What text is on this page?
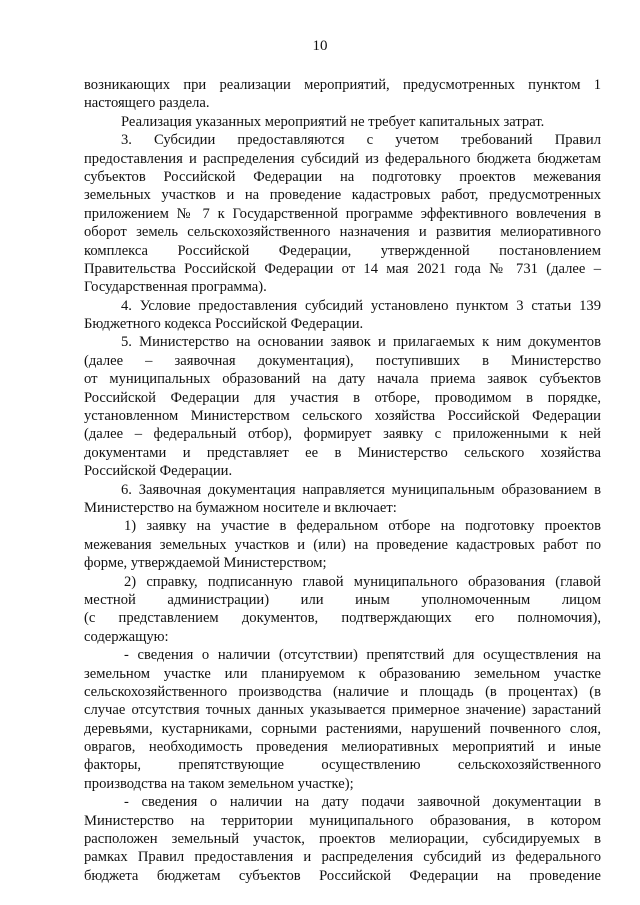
10
возникающих при реализации мероприятий, предусмотренных пунктом 1
настоящего раздела.
Реализация указанных мероприятий не требует капитальных затрат.
3. Субсидии предоставляются с учетом требований Правил
предоставления и распределения субсидий из федерального бюджета бюджетам
субъектов Российской Федерации на подготовку проектов межевания
земельных участков и на проведение кадастровых работ, предусмотренных
приложением № 7 к Государственной программе эффективного вовлечения в
оборот земель сельскохозяйственного назначения и развития мелиоративного
комплекса Российской Федерации, утвержденной постановлением
Правительства Российской Федерации от 14 мая 2021 года № 731 (далее –
Государственная программа).
4. Условие предоставления субсидий установлено пунктом 3 статьи 139
Бюджетного кодекса Российской Федерации.
5. Министерство на основании заявок и прилагаемых к ним документов
(далее – заявочная документация), поступивших в Министерство
от муниципальных образований на дату начала приема заявок субъектов
Российской Федерации для участия в отборе, проводимом в порядке,
установленном Министерством сельского хозяйства Российской Федерации
(далее – федеральный отбор), формирует заявку с приложенными к ней
документами и представляет ее в Министерство сельского хозяйства
Российской Федерации.
6. Заявочная документация направляется муниципальным образованием в
Министерство на бумажном носителе и включает:
1) заявку на участие в федеральном отборе на подготовку проектов
межевания земельных участков и (или) на проведение кадастровых работ по
форме, утверждаемой Министерством;
2) справку, подписанную главой муниципального образования (главой
местной администрации) или иным уполномоченным лицом
(с представлением документов, подтверждающих его полномочия),
содержащую:
- сведения о наличии (отсутствии) препятствий для осуществления на
земельном участке или планируемом к образованию земельном участке
сельскохозяйственного производства (наличие и площадь (в процентах) (в
случае отсутствия точных данных указывается примерное значение) зарастаний
деревьями, кустарниками, сорными растениями, нарушений почвенного слоя,
оврагов, необходимость проведения мелиоративных мероприятий и иные
факторы, препятствующие осуществлению сельскохозяйственного
производства на таком земельном участке);
- сведения о наличии на дату подачи заявочной документации в
Министерство на территории муниципального образования, в котором
расположен земельный участок, проектов мелиорации, субсидируемых в
рамках Правил предоставления и распределения субсидий из федерального
бюджета бюджетам субъектов Российской Федерации на проведение
